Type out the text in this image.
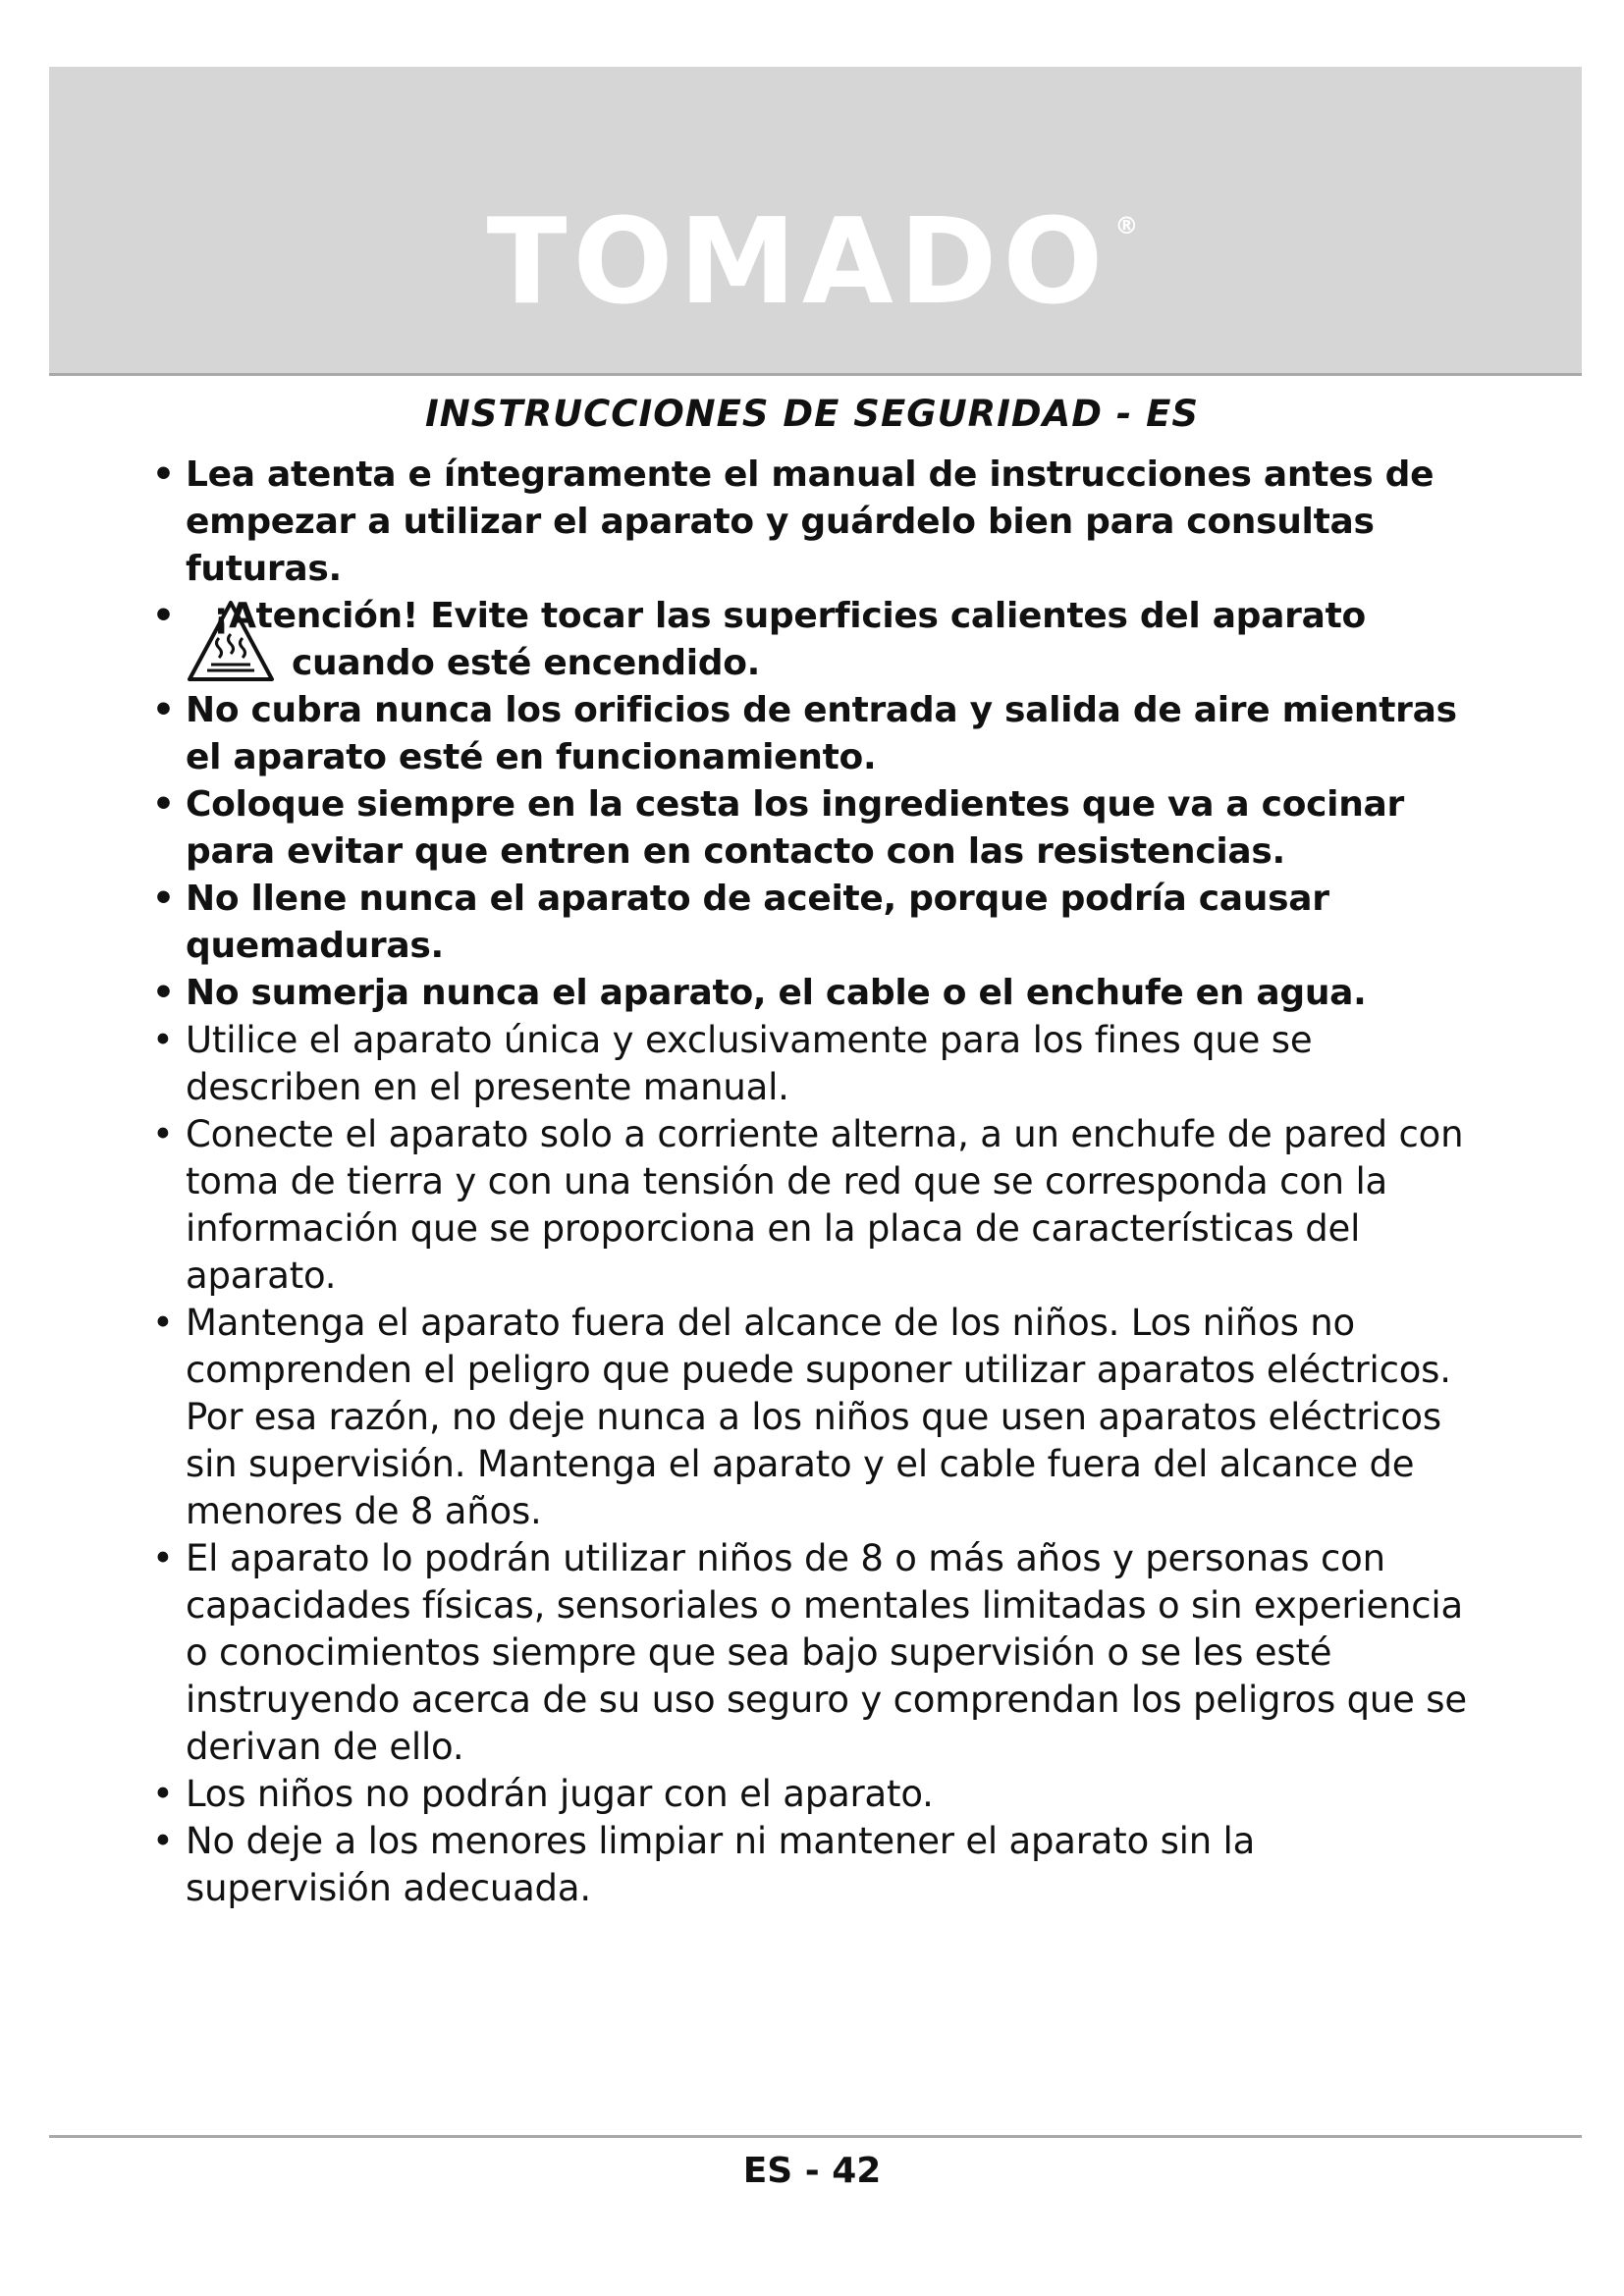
TOMADO ®
INSTRUCCIONES DE SEGURIDAD - ES
• Lea atenta e íntegramente el manual de instrucciones antes de empezar a utilizar el aparato y guárdelo bien para consultas futuras.
•	¡Atención! Evite tocar las superficies calientes del aparato
cuando esté encendido.
• No cubra nunca los orificios de entrada y salida de aire mientras el aparato esté en funcionamiento.
• Coloque siempre en la cesta los ingredientes que va a cocinar para evitar que entren en contacto con las resistencias.
• No llene nunca el aparato de aceite, porque podría causar quemaduras.
• No sumerja nunca el aparato, el cable o el enchufe en agua.
• Utilice el aparato única y exclusivamente para los fines que se describen en el presente manual.
• Conecte el aparato solo a corriente alterna, a un enchufe de pared con toma de tierra y con una tensión de red que se corresponda con la información que se proporciona en la placa de características del aparato.
• Mantenga el aparato fuera del alcance de los niños. Los niños no comprenden el peligro que puede suponer utilizar aparatos eléctricos. Por esa razón, no deje nunca a los niños que usen aparatos eléctricos sin supervisión. Mantenga el aparato y el cable fuera del alcance de menores de 8 años.
• El aparato lo podrán utilizar niños de 8 o más años y personas con capacidades físicas, sensoriales o mentales limitadas o sin experiencia o conocimientos siempre que sea bajo supervisión o se les esté instruyendo acerca de su uso seguro y comprendan los peligros que se derivan de ello.
• Los niños no podrán jugar con el aparato.
• No deje a los menores limpiar ni mantener el aparato sin la supervisión adecuada.
ES - 42
